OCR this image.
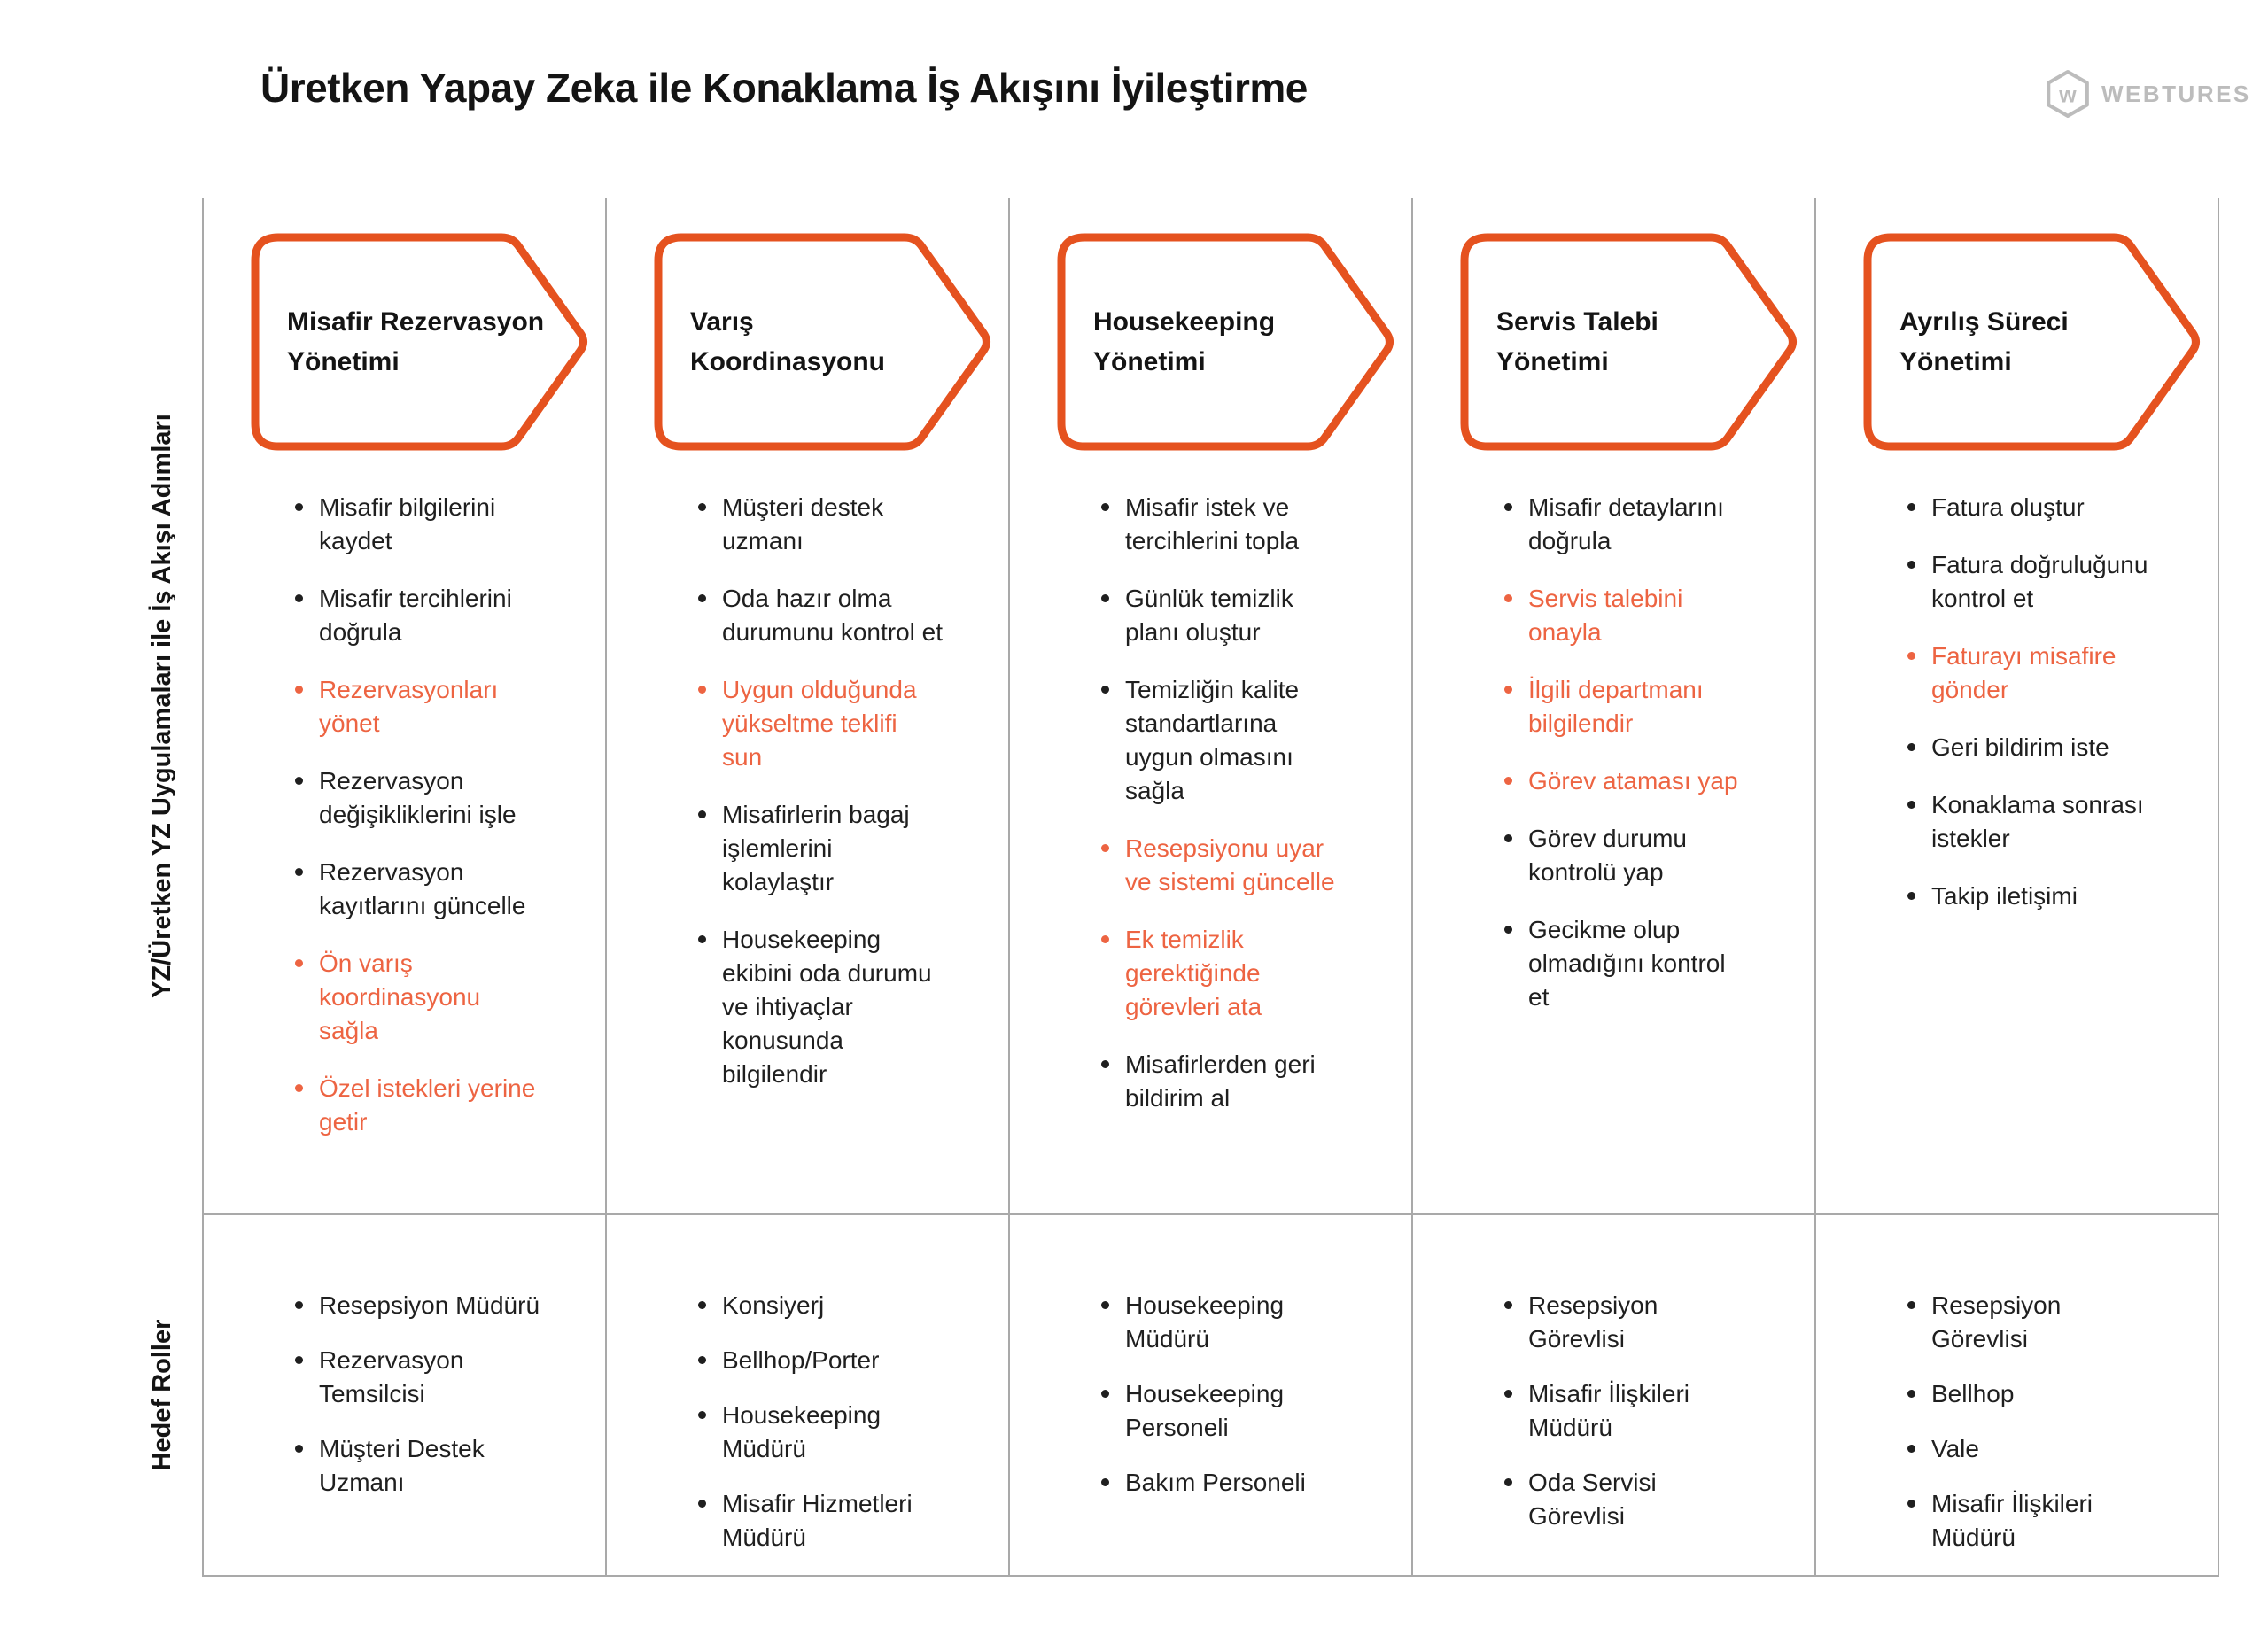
Üretken Yapay Zeka ile Konaklama İş Akışını İyileştirme	w WEBTURES
YZ/Üretken YZ Uygulamaları ile İş Akışı Adımları
Hedef Roller
Misafir Rezervasyon Yönetimi
Misafir bilgilerini kaydet
Misafir tercihlerini doğrula
Rezervasyonları yönet
Rezervasyon değişikliklerini işle
Rezervasyon kayıtlarını güncelle
Ön varış koordinasyonu sağla
Özel istekleri yerine getir
Resepsiyon Müdürü
Rezervasyon Temsilcisi
Müşteri Destek Uzmanı
Varış Koordinasyonu
Müşteri destek uzmanı
Oda hazır olma durumunu kontrol et
Uygun olduğunda yükseltme teklifi sun
Misafirlerin bagaj işlemlerini kolaylaştır
Housekeeping ekibini oda durumu ve ihtiyaçlar konusunda bilgilendir
Konsiyerj
Bellhop/Porter
Housekeeping Müdürü
Misafir Hizmetleri Müdürü
Housekeeping Yönetimi
Misafir istek ve tercihlerini topla
Günlük temizlik planı oluştur
Temizliğin kalite standartlarına uygun olmasını sağla
Resepsiyonu uyar ve sistemi güncelle
Ek temizlik gerektiğinde görevleri ata
Misafirlerden geri bildirim al
Housekeeping Müdürü
Housekeeping Personeli
Bakım Personeli
Servis Talebi Yönetimi
Misafir detaylarını doğrula
Servis talebini onayla
İlgili departmanı bilgilendir
Görev ataması yap
Görev durumu kontrolü yap
Gecikme olup olmadığını kontrol et
Resepsiyon Görevlisi
Misafir İlişkileri Müdürü
Oda Servisi Görevlisi
Ayrılış Süreci Yönetimi
Fatura oluştur
Fatura doğruluğunu kontrol et
Faturayı misafire gönder
Geri bildirim iste
Konaklama sonrası istekler
Takip iletişimi
Resepsiyon Görevlisi
Bellhop
Vale
Misafir İlişkileri Müdürü
